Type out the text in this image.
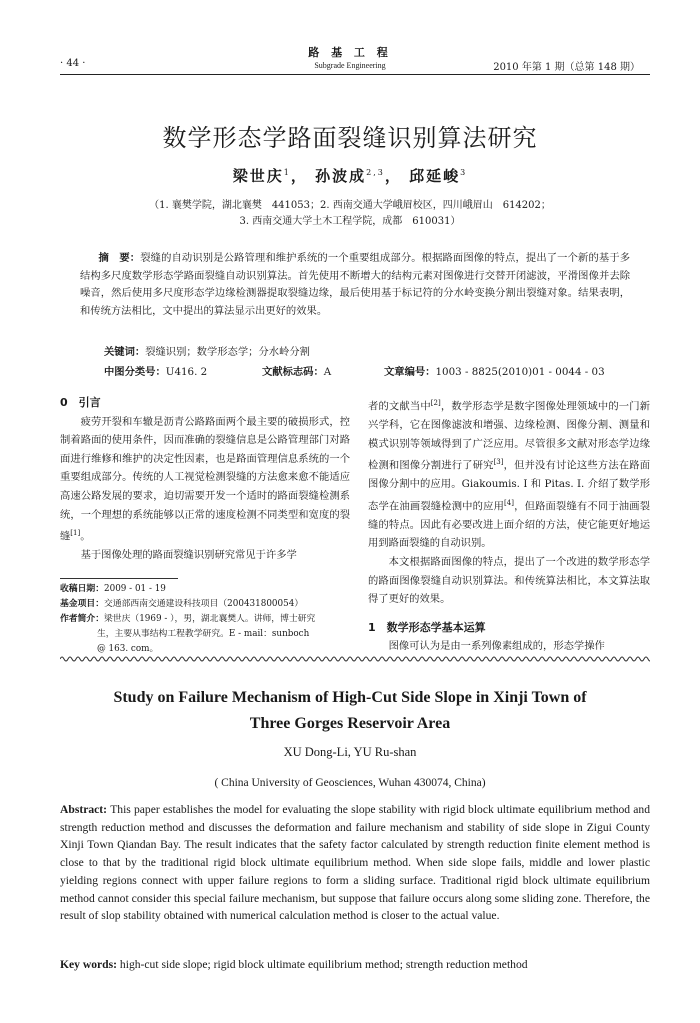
· 44 ·
路 基 工 程
Subgrade Engineering	2010 年第 1 期（总第 148 期）
数学形态学路面裂缝识别算法研究
梁世庆$^1$， 孙波成$^{2,3}$， 邱延峻$^3$
（1. 襄樊学院，湖北襄樊　441053；2. 西南交通大学峨眉校区，四川峨眉山　614202；
3. 西南交通大学土木工程学院，成都　610031）
摘　要：裂缝的自动识别是公路管理和维护系统的一个重要组成部分。根据路面图像的特点，提出了一个新的基于多结构多尺度数学形态学路面裂缝自动识别算法。首先使用不断增大的结构元素对图像进行交替开闭滤波，平滑图像并去除噪音，然后使用多尺度形态学边缘检测器提取裂缝边缘，最后使用基于标记符的分水岭变换分割出裂缝对象。结果表明，和传统方法相比，文中提出的算法显示出更好的效果。
关键词：裂缝识别；数学形态学；分水岭分割
中图分类号：U416. 2	文献标志码：A	文章编号：1003 - 8825(2010)01 - 0044 - 03
0　引言
疲劳开裂和车辙是沥青公路路面两个最主要的破损形式，控制着路面的使用条件，因而准确的裂缝信息是公路管理部门对路面进行维修和维护的决定性因素，也是路面管理信息系统的一个重要组成部分。传统的人工视觉检测裂缝的方法愈来愈不能适应高速公路发展的要求，迫切需要开发一个适时的路面裂缝检测系统，一个理想的系统能够以正常的速度检测不同类型和宽度的裂缝[1]。
基于图像处理的路面裂缝识别研究常见于许多学
收稿日期：2009 - 01 - 19
基金项目：交通部西南交通建设科技项目（200431800054）
作者简介：梁世庆（1969 - ），男，湖北襄樊人。讲师，博士研究
生，主要从事结构工程教学研究。E - mail：sunboch
@ 163. com。
者的文献当中[2]，数学形态学是数字图像处理领域中的一门新兴学科，它在图像滤波和增强、边缘检测、图像分割、测量和模式识别等领域得到了广泛应用。尽管很多文献对形态学边缘检测和图像分割进行了研究[3]，但并没有讨论这些方法在路面图像分割中的应用。Giakoumis. I 和 Pitas. I. 介绍了数学形态学在油画裂缝检测中的应用[4]，但路面裂缝有不同于油画裂缝的特点。因此有必要改进上面介绍的方法，使它能更好地运用到路面裂缝的自动识别。
本文根据路面图像的特点，提出了一个改进的数学形态学的路面图像裂缝自动识别算法。和传统算法相比，本文算法取得了更好的效果。
1　数学形态学基本运算
图像可认为是由一系列像素组成的，形态学操作
Study on Failure Mechanism of High-Cut Side Slope in Xinji Town of
Three Gorges Reservoir Area
XU Dong-Li, YU Ru-shan
( China University of Geosciences, Wuhan 430074, China)
Abstract: This paper establishes the model for evaluating the slope stability with rigid block ultimate equilibrium method and strength reduction method and discusses the deformation and failure mechanism and stability of side slope in Zigui County Xinji Town Qiandan Bay. The result indicates that the safety factor calculated by strength reduction finite element method is close to that by the traditional rigid block ultimate equilibrium method. When side slope fails, middle and lower plastic yielding regions connect with upper failure regions to form a sliding surface. Traditional rigid block ultimate equilibrium method cannot consider this special failure mechanism, but suppose that failure occurs along some sliding zone. Therefore, the result of slop stability obtained with numerical calculation method is closer to the actual value.
Key words: high-cut side slope; rigid block ultimate equilibrium method; strength reduction method
